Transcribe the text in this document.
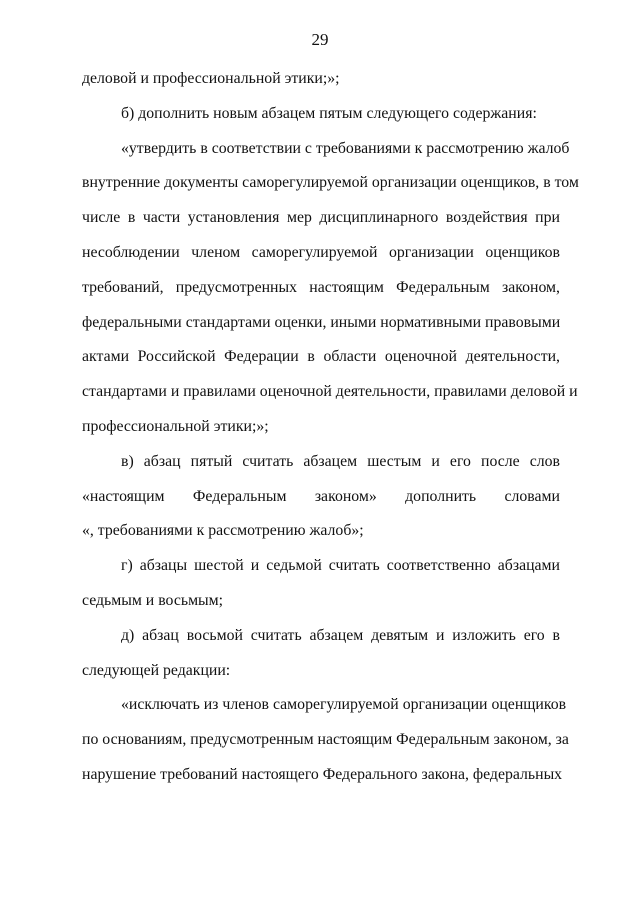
29
деловой и профессиональной этики;»;
б) дополнить новым абзацем пятым следующего содержания:
«утвердить в соответствии с требованиями к рассмотрению жалоб
внутренние документы саморегулируемой организации оценщиков, в том
числе в части установления мер дисциплинарного воздействия при
несоблюдении членом саморегулируемой организации оценщиков
требований, предусмотренных настоящим Федеральным законом,
федеральными стандартами оценки, иными нормативными правовыми
актами Российской Федерации в области оценочной деятельности,
стандартами и правилами оценочной деятельности, правилами деловой и
профессиональной этики;»;
в) абзац пятый считать абзацем шестым и его после слов
«настоящим Федеральным законом» дополнить словами
«, требованиями к рассмотрению жалоб»;
г) абзацы шестой и седьмой считать соответственно абзацами
седьмым и восьмым;
д) абзац восьмой считать абзацем девятым и изложить его в
следующей редакции:
«исключать из членов саморегулируемой организации оценщиков
по основаниям, предусмотренным настоящим Федеральным законом, за
нарушение требований настоящего Федерального закона, федеральных
